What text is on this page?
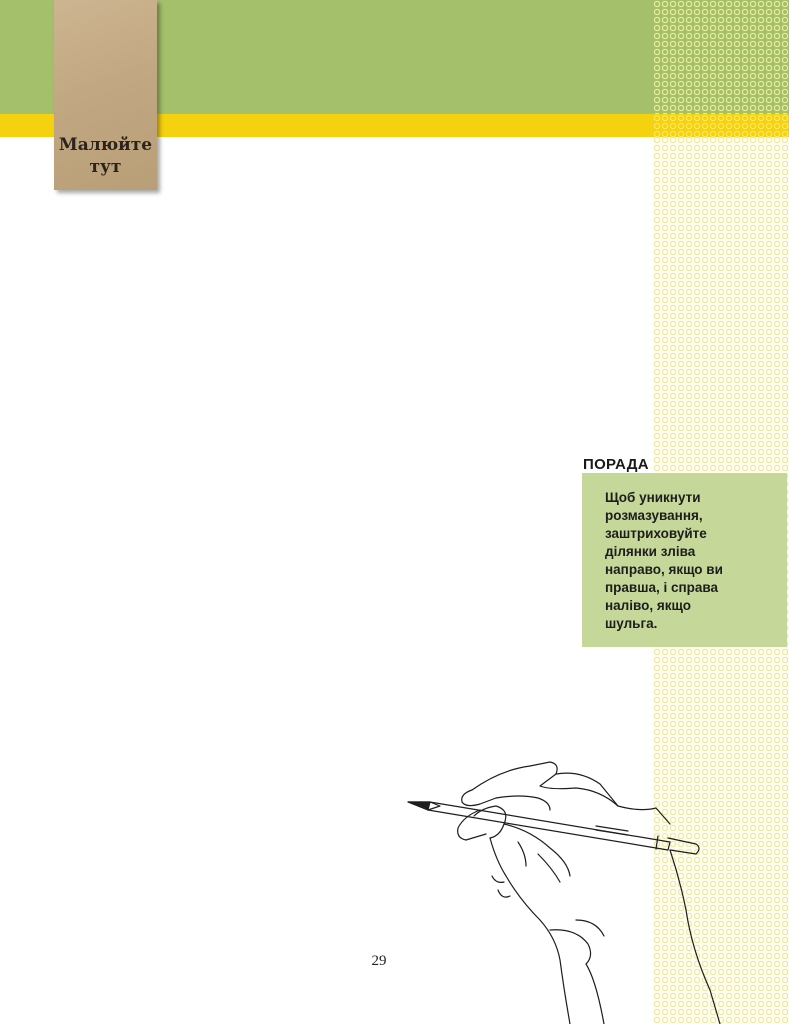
Малюйте
тут
ПОРАДА
Щоб уникнути
розмазування,
заштриховуйте
ділянки зліва
направо, якщо ви
правша, і справа
наліво, якщо
шульга.
29
